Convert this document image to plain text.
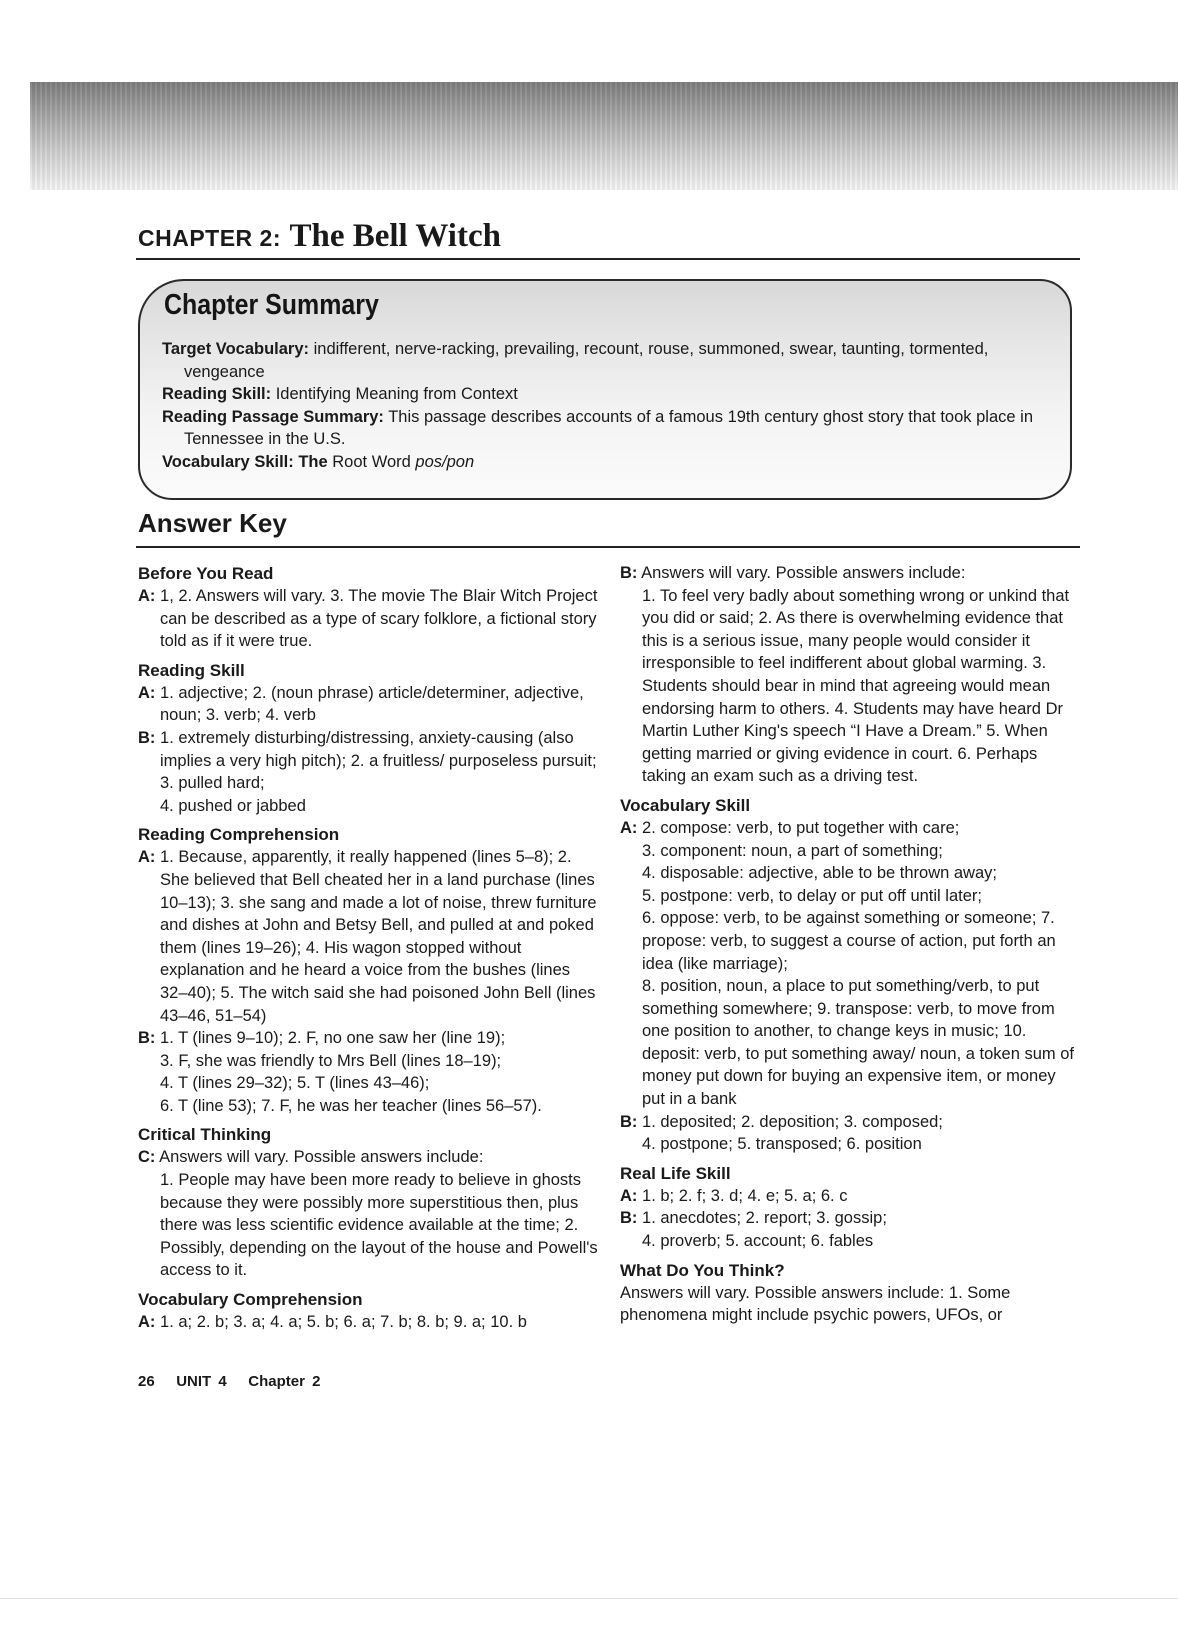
CHAPTER 2: The Bell Witch
Chapter Summary
Target Vocabulary: indifferent, nerve-racking, prevailing, recount, rouse, summoned, swear, taunting, tormented, vengeance
Reading Skill: Identifying Meaning from Context
Reading Passage Summary: This passage describes accounts of a famous 19th century ghost story that took place in Tennessee in the U.S.
Vocabulary Skill: The Root Word pos/pon
Answer Key
Before You Read
A: 1, 2. Answers will vary. 3. The movie The Blair Witch Project can be described as a type of scary folklore, a fictional story told as if it were true.
Reading Skill
A: 1. adjective; 2. (noun phrase) article/determiner, adjective, noun; 3. verb; 4. verb
B: 1. extremely disturbing/distressing, anxiety-causing (also implies a very high pitch); 2. a fruitless/ purposeless pursuit; 3. pulled hard;
4. pushed or jabbed
Reading Comprehension
A: 1. Because, apparently, it really happened (lines 5–8); 2. She believed that Bell cheated her in a land purchase (lines 10–13); 3. she sang and made a lot of noise, threw furniture and dishes at John and Betsy Bell, and pulled at and poked them (lines 19–26); 4. His wagon stopped without explanation and he heard a voice from the bushes (lines 32–40); 5. The witch said she had poisoned John Bell (lines 43–46, 51–54)
B: 1. T (lines 9–10); 2. F, no one saw her (line 19);
3. F, she was friendly to Mrs Bell (lines 18–19);
4. T (lines 29–32); 5. T (lines 43–46);
6. T (line 53); 7. F, he was her teacher (lines 56–57).
Critical Thinking
C: Answers will vary. Possible answers include:
1. People may have been more ready to believe in ghosts because they were possibly more superstitious then, plus there was less scientific evidence available at the time; 2. Possibly, depending on the layout of the house and Powell's access to it.
Vocabulary Comprehension
A: 1. a; 2. b; 3. a; 4. a; 5. b; 6. a; 7. b; 8. b; 9. a; 10. b
B: Answers will vary. Possible answers include:
1. To feel very badly about something wrong or unkind that you did or said; 2. As there is overwhelming evidence that this is a serious issue, many people would consider it irresponsible to feel indifferent about global warming. 3. Students should bear in mind that agreeing would mean endorsing harm to others. 4. Students may have heard Dr Martin Luther King's speech “I Have a Dream.” 5. When getting married or giving evidence in court. 6. Perhaps taking an exam such as a driving test.
Vocabulary Skill
A: 2. compose: verb, to put together with care;
3. component: noun, a part of something;
4. disposable: adjective, able to be thrown away;
5. postpone: verb, to delay or put off until later;
6. oppose: verb, to be against something or someone; 7. propose: verb, to suggest a course of action, put forth an idea (like marriage);
8. position, noun, a place to put something/verb, to put something somewhere; 9. transpose: verb, to move from one position to another, to change keys in music; 10. deposit: verb, to put something away/ noun, a token sum of money put down for buying an expensive item, or money put in a bank
B: 1. deposited; 2. deposition; 3. composed;
4. postpone; 5. transposed; 6. position
Real Life Skill
A: 1. b; 2. f; 3. d; 4. e; 5. a; 6. c
B: 1. anecdotes; 2. report; 3. gossip;
4. proverb; 5. account; 6. fables
What Do You Think?
Answers will vary. Possible answers include: 1. Some phenomena might include psychic powers, UFOs, or
26 UNIT 4 Chapter 2
